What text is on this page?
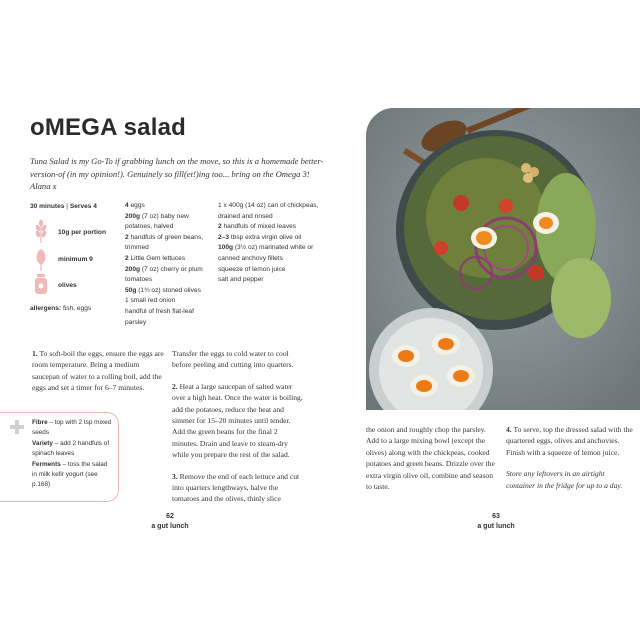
oMEGA salad
Tuna Salad is my Go-To if grabbing lunch on the move, so this is a homemade better-version-of (in my opinion!). Genuinely so fill(et!)ing too... bring on the Omega 3! Alana x
30 minutes | Serves 4
10g per portion
minimum 9
olives
allergens: fish, eggs
4 eggs
200g (7 oz) baby new potatoes, halved
2 handfuls of green beans, trimmed
2 Little Gem lettuces
200g (7 oz) cherry or plum tomatoes
50g (1¾ oz) stoned olives
1 small red onion
handful of fresh flat-leaf parsley
1 x 400g (14 oz) can of chickpeas, drained and rinsed
2 handfuls of mixed leaves
2–3 tbsp extra virgin olive oil
100g (3½ oz) marinated white or canned anchovy fillets
squeeze of lemon juice
salt and pepper

1. To soft-boil the eggs, ensure the eggs are room temperature. Bring a medium saucepan of water to a rolling boil, add the eggs and set a timer for 6–7 minutes.

Transfer the eggs to cold water to cool before peeling and cutting into quarters.

2. Heat a large saucepan of salted water over a high heat. Once the water is boiling, add the potatoes, reduce the heat and simmer for 15–20 minutes until tender. Add the green beans for the final 2 minutes. Drain and leave to steam-dry while you prepare the rest of the salad.

3. Remove the end of each lettuce and cut into quarters lengthways, halve the tomatoes and the olives, thinly slice

Fibre – top with 2 tsp mixed seeds
Variety – add 2 handfuls of spinach leaves
Ferments – toss the salad in milk kefir yogurt (see p.168)
62
a gut lunch

the onion and roughly chop the parsley. Add to a large mixing bowl (except the olives) along with the chickpeas, cooked potatoes and green beans. Drizzle over the extra virgin olive oil, combine and season to taste.

4. To serve, top the dressed salad with the quartered eggs, olives and anchovies. Finish with a squeeze of lemon juice.

Store any leftovers in an airtight container in the fridge for up to a day.

63
a gut lunch
